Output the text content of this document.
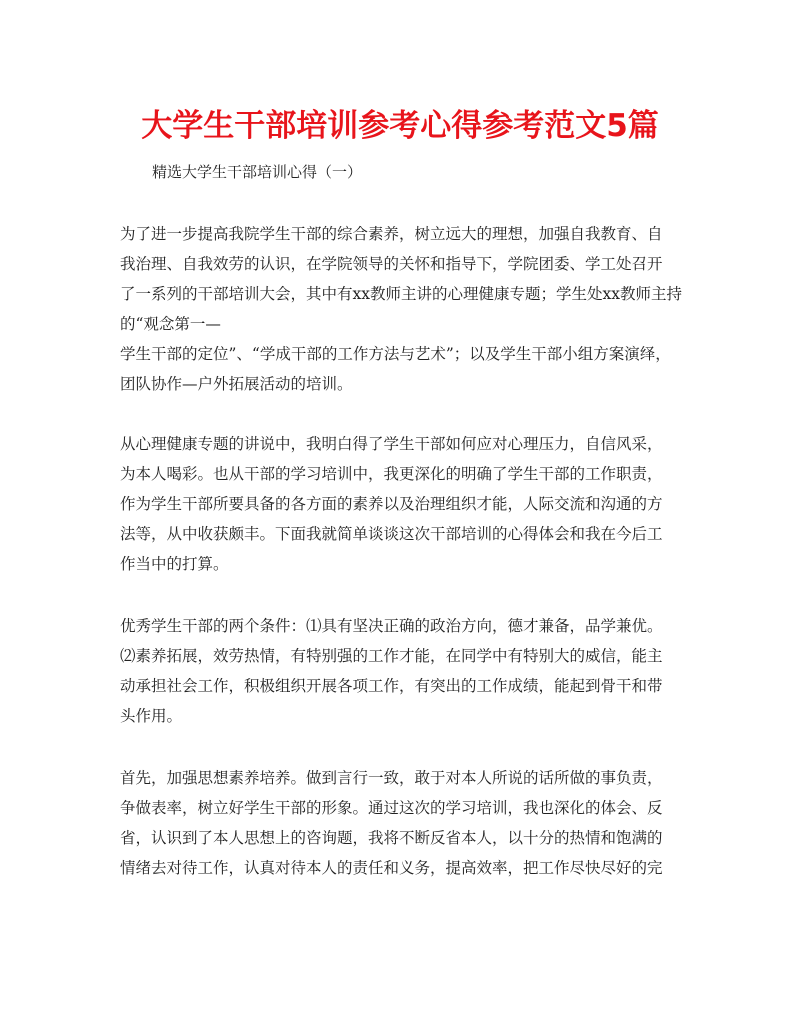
大学生干部培训参考心得参考范文5篇
精选大学生干部培训心得（一）
为了进一步提高我院学生干部的综合素养，树立远大的理想，加强自我教育、自
我治理、自我效劳的认识，在学院领导的关怀和指导下，学院团委、学工处召开
了一系列的干部培训大会，其中有xx教师主讲的心理健康专题；学生处xx教师主持
的“观念第一—
学生干部的定位”、“学成干部的工作方法与艺术”；以及学生干部小组方案演绎，
团队协作—户外拓展活动的培训。
从心理健康专题的讲说中，我明白得了学生干部如何应对心理压力，自信风采，
为本人喝彩。也从干部的学习培训中，我更深化的明确了学生干部的工作职责，
作为学生干部所要具备的各方面的素养以及治理组织才能，人际交流和沟通的方
法等，从中收获颇丰。下面我就简单谈谈这次干部培训的心得体会和我在今后工
作当中的打算。
优秀学生干部的两个条件：⑴具有坚决正确的政治方向，德才兼备，品学兼优。
⑵素养拓展，效劳热情，有特别强的工作才能，在同学中有特别大的威信，能主
动承担社会工作，积极组织开展各项工作，有突出的工作成绩，能起到骨干和带
头作用。
首先，加强思想素养培养。做到言行一致，敢于对本人所说的话所做的事负责，
争做表率，树立好学生干部的形象。通过这次的学习培训，我也深化的体会、反
省，认识到了本人思想上的咨询题，我将不断反省本人，以十分的热情和饱满的
情绪去对待工作，认真对待本人的责任和义务，提高效率，把工作尽快尽好的完
